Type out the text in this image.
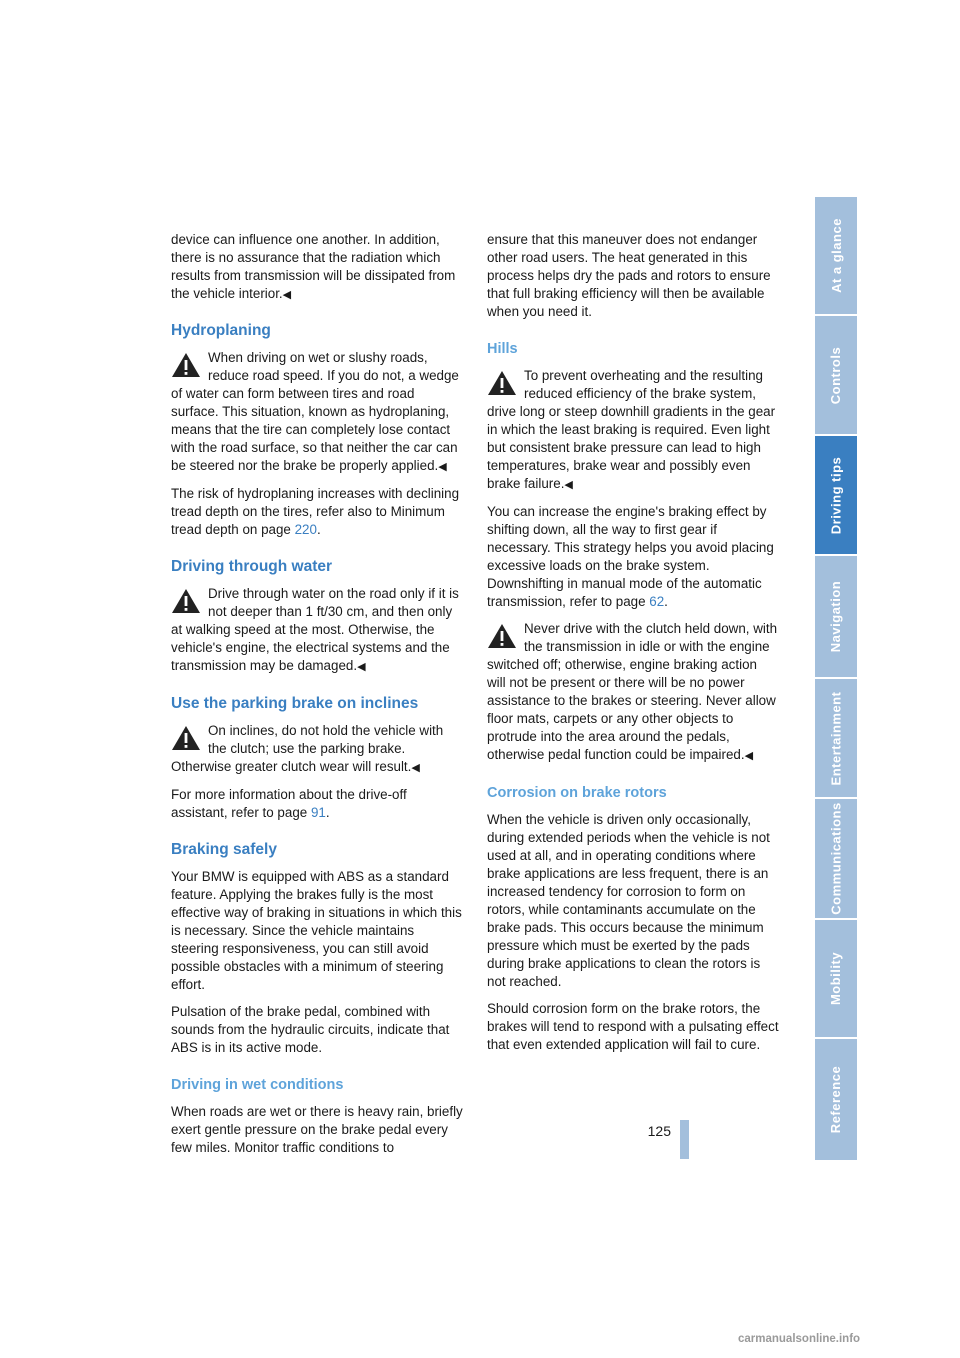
device can influence one another. In addition, there is no assurance that the radiation which results from transmission will be dissipated from the vehicle interior.◀

Hydroplaning
When driving on wet or slushy roads, reduce road speed. If you do not, a wedge of water can form between tires and road surface. This situation, known as hydroplaning, means that the tire can completely lose contact with the road surface, so that neither the car can be steered nor the brake be properly applied.◀

The risk of hydroplaning increases with declining tread depth on the tires, refer also to Minimum tread depth on page 220.

Driving through water
Drive through water on the road only if it is not deeper than 1 ft/30 cm, and then only at walking speed at the most. Otherwise, the vehicle's engine, the electrical systems and the transmission may be damaged.◀
Use the parking brake on inclines
On inclines, do not hold the vehicle with the clutch; use the parking brake. Otherwise greater clutch wear will result.◀

For more information about the drive-off assistant, refer to page 91.

Braking safely

Your BMW is equipped with ABS as a standard feature. Applying the brakes fully is the most effective way of braking in situations in which this is necessary. Since the vehicle maintains steering responsiveness, you can still avoid possible obstacles with a minimum of steering effort.

Pulsation of the brake pedal, combined with sounds from the hydraulic circuits, indicate that ABS is in its active mode.

Driving in wet conditions

When roads are wet or there is heavy rain, briefly exert gentle pressure on the brake pedal every few miles. Monitor traffic conditions to

ensure that this maneuver does not endanger other road users. The heat generated in this process helps dry the pads and rotors to ensure that full braking efficiency will then be available when you need it.

Hills
To prevent overheating and the resulting reduced efficiency of the brake system, drive long or steep downhill gradients in the gear in which the least braking is required. Even light but consistent brake pressure can lead to high temperatures, brake wear and possibly even brake failure.◀

You can increase the engine's braking effect by shifting down, all the way to first gear if necessary. This strategy helps you avoid placing excessive loads on the brake system. Downshifting in manual mode of the automatic transmission, refer to page 62.

Never drive with the clutch held down, with the transmission in idle or with the engine switched off; otherwise, engine braking action will not be present or there will be no power assistance to the brakes or steering. Never allow floor mats, carpets or any other objects to protrude into the area around the pedals, otherwise pedal function could be impaired.◀
Corrosion on brake rotors

When the vehicle is driven only occasionally, during extended periods when the vehicle is not used at all, and in operating conditions where brake applications are less frequent, there is an increased tendency for corrosion to form on rotors, while contaminants accumulate on the brake pads. This occurs because the minimum pressure which must be exerted by the pads during brake applications to clean the rotors is not reached.

Should corrosion form on the brake rotors, the brakes will tend to respond with a pulsating effect that even extended application will fail to cure.

At a glance
Controls
Driving tips
Navigation
Entertainment
Communications
Mobility
Reference
125
carmanualsonline.info
